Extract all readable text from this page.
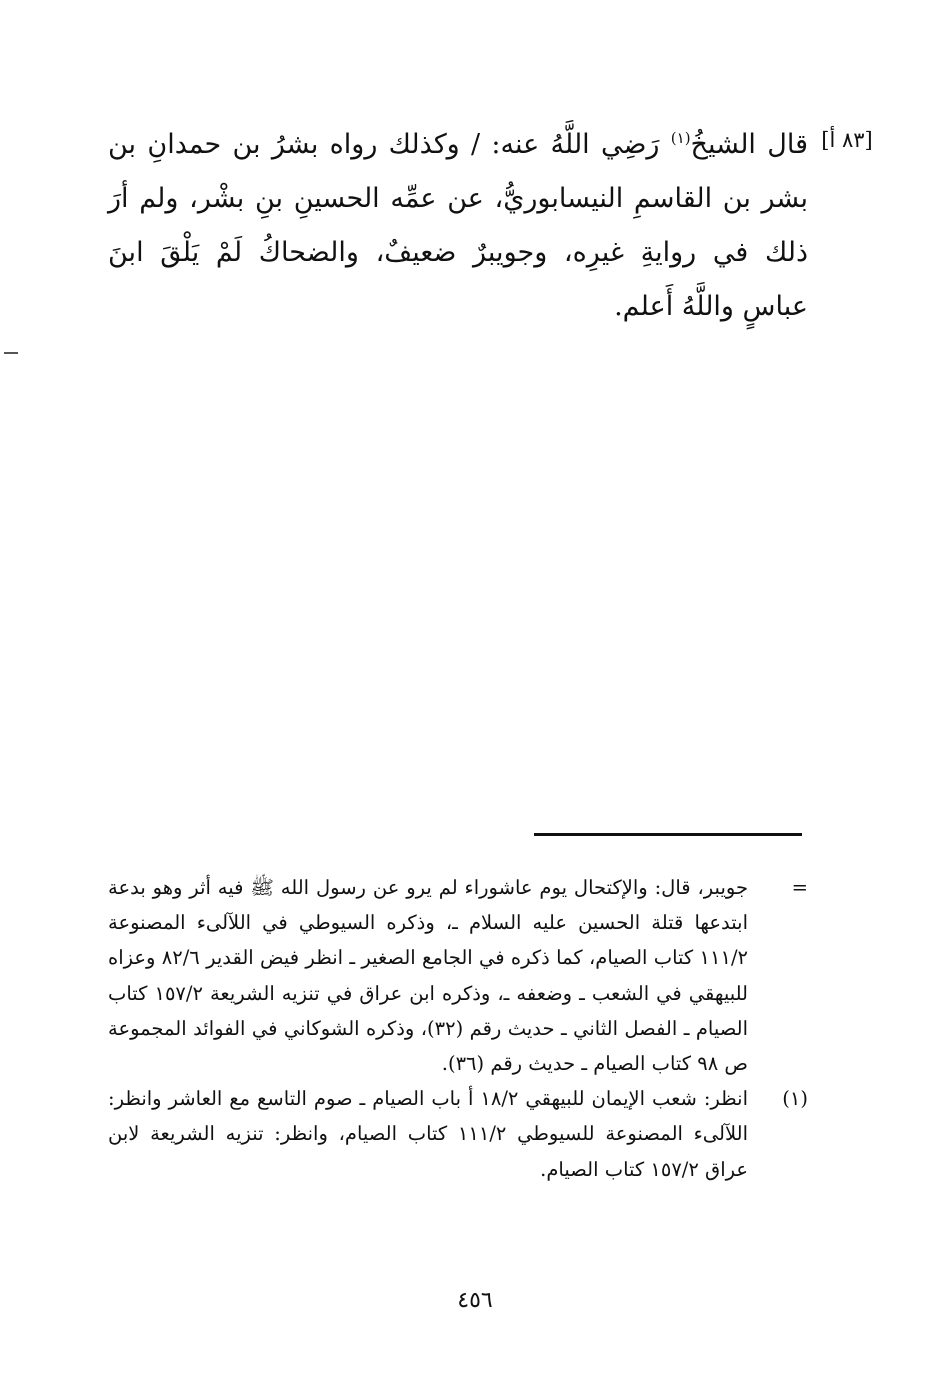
[٨٣ أ]
قال الشيخُ$^{(١)}$ رَضِي اللَّهُ عنه: / وكذلك رواه بشرُ بن حمدانِ بن بشر بن القاسمِ النيسابوريُّ، عن عمِّه الحسينِ بنِ بشْر، ولم أرَ ذلك في روايةِ غيرِه، وجويبرٌ ضعيفٌ، والضحاكُ لَمْ يَلْقَ ابنَ عباسٍ واللَّهُ أَعلم.
=
جويبر، قال: والإكتحال يوم عاشوراء لم يرو عن رسول الله ﷺ فيه أثر وهو بدعة ابتدعها قتلة الحسين عليه السلام ـ، وذكره السيوطي في اللآلىء المصنوعة ١١١/٢ كتاب الصيام، كما ذكره في الجامع الصغير ـ انظر فيض القدير ٨٢/٦ وعزاه للبيهقي في الشعب ـ وضعفه ـ، وذكره ابن عراق في تنزيه الشريعة ١٥٧/٢ كتاب الصيام ـ الفصل الثاني ـ حديث رقم (٣٢)، وذكره الشوكاني في الفوائد المجموعة ص ٩٨ كتاب الصيام ـ حديث رقم (٣٦).
(١)
انظر: شعب الإيمان للبيهقي ١٨/٢ أ باب الصيام ـ صوم التاسع مع العاشر وانظر: اللآلىء المصنوعة للسيوطي ١١١/٢ كتاب الصيام، وانظر: تنزيه الشريعة لابن عراق ١٥٧/٢ كتاب الصيام.
٤٥٦
